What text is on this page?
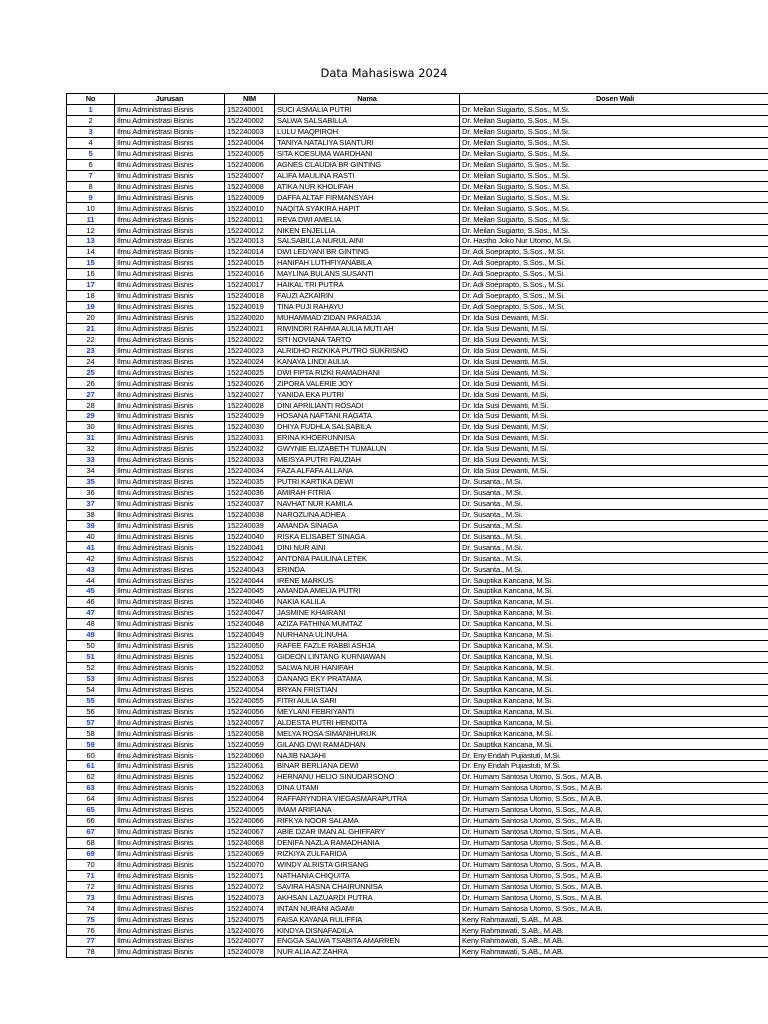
Data Mahasiswa 2024
No	Jurusan	NIM	Nama	Dosen Wali
1	Ilmu Administrasi Bisnis	152240001	SUCI ASMALIA PUTRI	Dr. Meilan Sugiarto, S.Sos., M.Si.
2	Ilmu Administrasi Bisnis	152240002	SALWA SALSABILLA	Dr. Meilan Sugiarto, S.Sos., M.Si.
3	Ilmu Administrasi Bisnis	152240003	LULU MAQPIROH	Dr. Meilan Sugiarto, S.Sos., M.Si.
4	Ilmu Administrasi Bisnis	152240004	TANIYA NATALIYA SIANTURI	Dr. Meilan Sugiarto, S.Sos., M.Si.
5	Ilmu Administrasi Bisnis	152240005	SITA KOESUMA WARDHANI	Dr. Meilan Sugiarto, S.Sos., M.Si.
6	Ilmu Administrasi Bisnis	152240006	AGNES CLAUDIA BR GINTING	Dr. Meilan Sugiarto, S.Sos., M.Si.
7	Ilmu Administrasi Bisnis	152240007	ALIFA MAULINA RASTI	Dr. Meilan Sugiarto, S.Sos., M.Si.
8	Ilmu Administrasi Bisnis	152240008	ATIKA NUR KHOLIFAH	Dr. Meilan Sugiarto, S.Sos., M.Si.
9	Ilmu Administrasi Bisnis	152240009	DAFFA ALTAF FIRMANSYAH	Dr. Meilan Sugiarto, S.Sos., M.Si.
10	Ilmu Administrasi Bisnis	152240010	NAQITA SYAKIRA HAPIT	Dr. Meilan Sugiarto, S.Sos., M.Si.
11	Ilmu Administrasi Bisnis	152240011	REVA DWI AMELIA	Dr. Meilan Sugiarto, S.Sos., M.Si.
12	Ilmu Administrasi Bisnis	152240012	NIKEN ENJELLIA	Dr. Meilan Sugiarto, S.Sos., M.Si.
13	Ilmu Administrasi Bisnis	152240013	SALSABILLA NURUL AINI	Dr. Hastho Joko Nur Utomo, M.Si.
14	Ilmu Administrasi Bisnis	152240014	DWI LEDYANI BR GINTING	Dr. Adi Soeprapto, S.Sos., M.Si.
15	Ilmu Administrasi Bisnis	152240015	HANIFAH LUTHFIYANABILA	Dr. Adi Soeprapto, S.Sos., M.Si.
16	Ilmu Administrasi Bisnis	152240016	MAYLINA BULANS SUSANTI	Dr. Adi Soeprapto, S.Sos., M.Si.
17	Ilmu Administrasi Bisnis	152240017	HAIKAL TRI PUTRA	Dr. Adi Soeprapto, S.Sos., M.Si.
18	Ilmu Administrasi Bisnis	152240018	FAUZI AZKAIRIN	Dr. Adi Soeprapto, S.Sos., M.Si.
19	Ilmu Administrasi Bisnis	152240019	TINA PUJI RAHAYU	Dr. Adi Soeprapto, S.Sos., M.Si.
20	Ilmu Administrasi Bisnis	152240020	MUHAMMAD ZIDAN PARADJA	Dr. Ida Susi Dewanti, M.Si.
21	Ilmu Administrasi Bisnis	152240021	RIWINDRI RAHMA AULIA MUTI AH	Dr. Ida Susi Dewanti, M.Si.
22	Ilmu Administrasi Bisnis	152240022	SITI NOVIANA TARTO	Dr. Ida Susi Dewanti, M.Si.
23	Ilmu Administrasi Bisnis	152240023	ALRIDHO RIZKIKA PUTRO SUKRISNO	Dr. Ida Susi Dewanti, M.Si.
24	Ilmu Administrasi Bisnis	152240024	KANAYA LINDI AULIA	Dr. Ida Susi Dewanti, M.Si.
25	Ilmu Administrasi Bisnis	152240025	DWI FIPTA RIZKI RAMADHANI	Dr. Ida Susi Dewanti, M.Si.
26	Ilmu Administrasi Bisnis	152240026	ZIPORA VALERIE JOY	Dr. Ida Susi Dewanti, M.Si.
27	Ilmu Administrasi Bisnis	152240027	YANIDA EKA PUTRI	Dr. Ida Susi Dewanti, M.Si.
28	Ilmu Administrasi Bisnis	152240028	DINI APRILIANTI ROSADI	Dr. Ida Susi Dewanti, M.Si.
29	Ilmu Administrasi Bisnis	152240029	HOSANA NAFTANI RAGATA	Dr. Ida Susi Dewanti, M.Si.
30	Ilmu Administrasi Bisnis	152240030	DHIYA FUDHLA SALSABILA	Dr. Ida Susi Dewanti, M.Si.
31	Ilmu Administrasi Bisnis	152240031	ERINA KHOERUNNISA	Dr. Ida Susi Dewanti, M.Si.
32	Ilmu Administrasi Bisnis	152240032	GWYNIE ELIZABETH TUMALUN	Dr. Ida Susi Dewanti, M.Si.
33	Ilmu Administrasi Bisnis	152240033	MEISYA PUTRI FAUZIAH	Dr. Ida Susi Dewanti, M.Si.
34	Ilmu Administrasi Bisnis	152240034	FAZA ALFAFA ALLANA	Dr. Ida Susi Dewanti, M.Si.
35	Ilmu Administrasi Bisnis	152240035	PUTRI KARTIKA DEWI	Dr. Susanta., M.Si.
36	Ilmu Administrasi Bisnis	152240036	AMIRAH FITRIA	Dr. Susanta., M.Si.
37	Ilmu Administrasi Bisnis	152240037	NAVHAT NUR KAMILA	Dr. Susanta., M.Si.
38	Ilmu Administrasi Bisnis	152240038	NAROZLINA ADHEA	Dr. Susanta., M.Si.
39	Ilmu Administrasi Bisnis	152240039	AMANDA SINAGA	Dr. Susanta., M.Si.
40	Ilmu Administrasi Bisnis	152240040	RISKA ELISABET SINAGA	Dr. Susanta., M.Si.
41	Ilmu Administrasi Bisnis	152240041	DINI NUR AINI	Dr. Susanta., M.Si.
42	Ilmu Administrasi Bisnis	152240042	ANTONIA PAULINA LETEK	Dr. Susanta., M.Si.
43	Ilmu Administrasi Bisnis	152240043	ERINDA	Dr. Susanta., M.Si.
44	Ilmu Administrasi Bisnis	152240044	IRENE MARKUS	Dr. Sauptika Kancana, M.Si.
45	Ilmu Administrasi Bisnis	152240045	AMANDA AMELIA PUTRI	Dr. Sauptika Kancana, M.Si.
46	Ilmu Administrasi Bisnis	152240046	NAKIA KALILA	Dr. Sauptika Kancana, M.Si.
47	Ilmu Administrasi Bisnis	152240047	JASMINE KHAIRANI	Dr. Sauptika Kancana, M.Si.
48	Ilmu Administrasi Bisnis	152240048	AZIZA FATHINA MUMTAZ	Dr. Sauptika Kancana, M.Si.
49	Ilmu Administrasi Bisnis	152240049	NURHANA ULINUHA	Dr. Sauptika Kancana, M.Si.
50	Ilmu Administrasi Bisnis	152240050	RAFEE FAZLE RABBI ASHJA	Dr. Sauptika Kancana, M.Si.
51	Ilmu Administrasi Bisnis	152240051	GIDEON LINTANG KURNIAWAN	Dr. Sauptika Kancana, M.Si.
52	Ilmu Administrasi Bisnis	152240052	SALWA NUR HANIFAH	Dr. Sauptika Kancana, M.Si.
53	Ilmu Administrasi Bisnis	152240053	DANANG EKY PRATAMA	Dr. Sauptika Kancana, M.Si.
54	Ilmu Administrasi Bisnis	152240054	BRYAN FRISTIAN	Dr. Sauptika Kancana, M.Si.
55	Ilmu Administrasi Bisnis	152240055	FITRI AULIA SARI	Dr. Sauptika Kancana, M.Si.
56	Ilmu Administrasi Bisnis	152240056	MEYLANI FEBRIYANTI	Dr. Sauptika Kancana, M.Si.
57	Ilmu Administrasi Bisnis	152240057	ALDESTA PUTRI HENDITA	Dr. Sauptika Kancana, M.Si.
58	Ilmu Administrasi Bisnis	152240058	MELYA ROSA SIMANIHURUK	Dr. Sauptika Kancana, M.Si.
59	Ilmu Administrasi Bisnis	152240059	GILANG DWI RAMADHAN	Dr. Sauptika Kancana, M.Si.
60	Ilmu Administrasi Bisnis	152240060	NAJIB NAJAHI	Dr. Eny Endah Pujiastuti, M.Si.
61	Ilmu Administrasi Bisnis	152240061	BINAR BERLIANA DEWI	Dr. Eny Endah Pujiastuti, M.Si.
62	Ilmu Administrasi Bisnis	152240062	HERNANU HELIO SINUDARSONO	Dr. Humam Santosa Utomo, S.Sos., M.A.B.
63	Ilmu Administrasi Bisnis	152240063	DINA UTAMI	Dr. Humam Santosa Utomo, S.Sos., M.A.B.
64	Ilmu Administrasi Bisnis	152240064	RAFFARYNDRA VIEGASMARAPUTRA	Dr. Humam Santosa Utomo, S.Sos., M.A.B.
65	Ilmu Administrasi Bisnis	152240065	IMAM ARIFIANA	Dr. Humam Santosa Utomo, S.Sos., M.A.B.
66	Ilmu Administrasi Bisnis	152240066	RIFKYA NOOR SALAMA	Dr. Humam Santosa Utomo, S.Sos., M.A.B.
67	Ilmu Administrasi Bisnis	152240067	ABIE DZAR IMAN AL GHIFFARY	Dr. Humam Santosa Utomo, S.Sos., M.A.B.
68	Ilmu Administrasi Bisnis	152240068	DENIFA NAZLA RAMADHANIA	Dr. Humam Santosa Utomo, S.Sos., M.A.B.
69	Ilmu Administrasi Bisnis	152240069	RIZKIYA ZULFARIDA	Dr. Humam Santosa Utomo, S.Sos., M.A.B.
70	Ilmu Administrasi Bisnis	152240070	WINDY ALRISTA GIRSANG	Dr. Humam Santosa Utomo, S.Sos., M.A.B.
71	Ilmu Administrasi Bisnis	152240071	NATHANIA CHIQUITA	Dr. Humam Santosa Utomo, S.Sos., M.A.B.
72	Ilmu Administrasi Bisnis	152240072	SAVIRA HASNA CHAIRUNNISA	Dr. Humam Santosa Utomo, S.Sos., M.A.B.
73	Ilmu Administrasi Bisnis	152240073	AKHSAN LAZUARDI PUTRA	Dr. Humam Santosa Utomo, S.Sos., M.A.B.
74	Ilmu Administrasi Bisnis	152240074	INTAN NURANI AGAMI	Dr. Humam Santosa Utomo, S.Sos., M.A.B.
75	Ilmu Administrasi Bisnis	152240075	FAISA KAYANA RULIFFIA	Keny Rahmawati, S.AB., M.AB.
76	Ilmu Administrasi Bisnis	152240076	KINDYA DISNAFADILA	Keny Rahmawati, S.AB., M.AB.
77	Ilmu Administrasi Bisnis	152240077	ENGGA SALWA TSABITA AMARREN	Keny Rahmawati, S.AB., M.AB.
78	Ilmu Administrasi Bisnis	152240078	NUR ALIA AZ ZAHRA	Keny Rahmawati, S.AB., M.AB.
